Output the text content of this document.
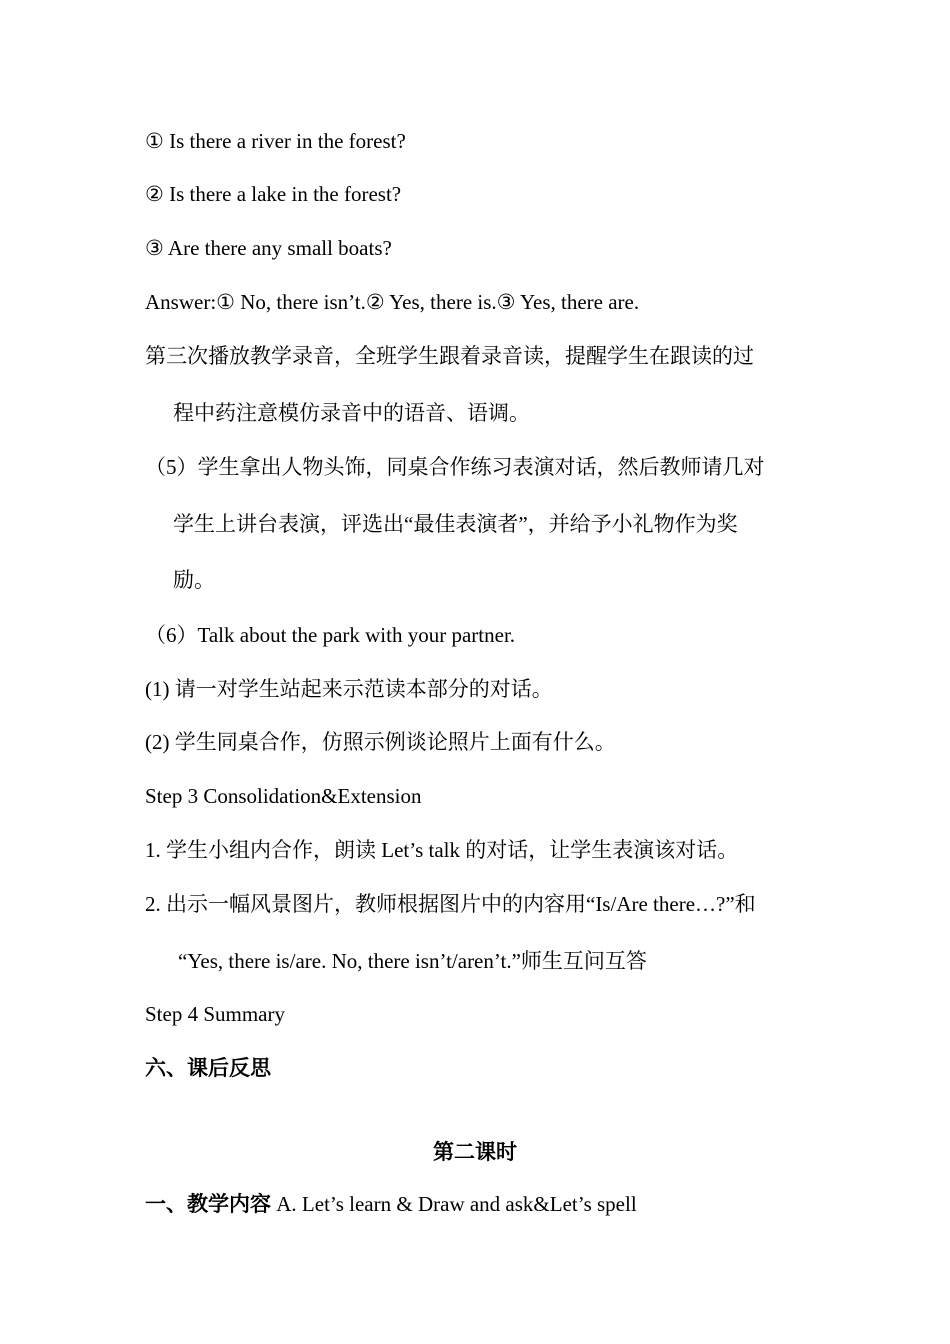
① Is there a river in the forest?

② Is there a lake in the forest?

③ Are there any small boats?

Answer:① No, there isn’t.② Yes, there is.③ Yes, there are.

第三次播放教学录音，全班学生跟着录音读，提醒学生在跟读的过

程中药注意模仿录音中的语音、语调。

（5）学生拿出人物头饰，同桌合作练习表演对话，然后教师请几对

学生上讲台表演，评选出“最佳表演者”，并给予小礼物作为奖

励。

（6）Talk about the park with your partner.

(1) 请一对学生站起来示范读本部分的对话。

(2) 学生同桌合作，仿照示例谈论照片上面有什么。

Step 3 Consolidation&Extension

1. 学生小组内合作，朗读 Let’s talk 的对话，让学生表演该对话。

2. 出示一幅风景图片，教师根据图片中的内容用“Is/Are there…?”和

“Yes, there is/are. No, there isn’t/aren’t.”师生互问互答

Step 4 Summary

六、课后反思

第二课时

一、教学内容 A. Let’s learn & Draw and ask&Let’s spell
